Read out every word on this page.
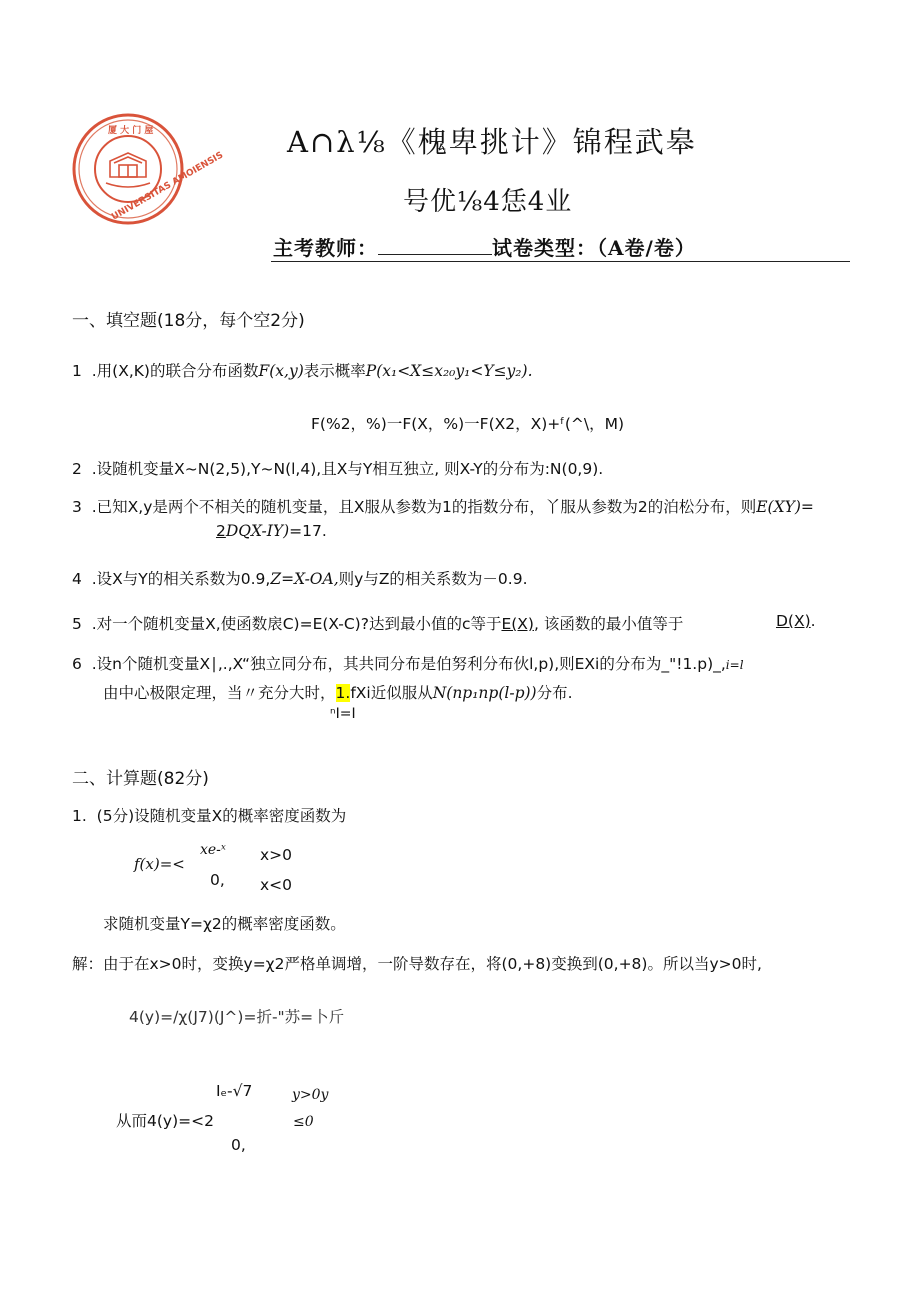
厦 大 门 屋
UNIVERSITAS AMOIENSIS
A∩λ⅛《槐卑挑计》锦程武皋
号优⅛4恁4业
主考教师：	试卷类型：（A卷/卷）
一、填空题(18分，每个空2分)
1 .用(X,K)的联合分布函数F(x,y)表示概率P(x₁<X≤x₂₀y₁<Y≤y₂).
F(%2，%)一F(X，%)一F(X2，X)+ᶠ(^\，M)
2 .设随机变量X~N(2,5),Y~N(l,4),且X与Y相互独立, 则X-Y的分布为:N(0,9).
3 .已知X,y是两个不相关的随机变量，且X服从参数为1的指数分布，丫服从参数为2的泊松分布，则E(XY)=
2DQX-IY)=17.
4 .设X与Y的相关系数为0.9,Z=X-OA,则y与Z的相关系数为－0.9.
5 .对一个随机变量X,使函数扆C)=E(X-C)?达到最小值的c等于E(X), 该函数的最小值等于	D(X).
6 .设n个随机变量X∣,.,X“独立同分布，其共同分布是伯努利分布伙l,p),则EXi的分布为_"!1.p)_,i=l
由中心极限定理，当〃充分大时，1.fXi近似服从N(np₁np(l-p))分布.
ⁿI=I
二、计算题(82分)
1. (5分)设随机变量X的概率密度函数为
f(x)=<
xe-ˣ x>0
0, x<0
求随机变量Y=χ2的概率密度函数。
解：由于在x>0时，变换y=χ2严格单调增，一阶导数存在，将(0,+8)变换到(0,+8)。所以当y>0时,
4(y)=∕χ(J7)(J^)=折-"苏=卜斤
从而4(y)=<2
Iₑ-√7	y>0y
≤0
0,
